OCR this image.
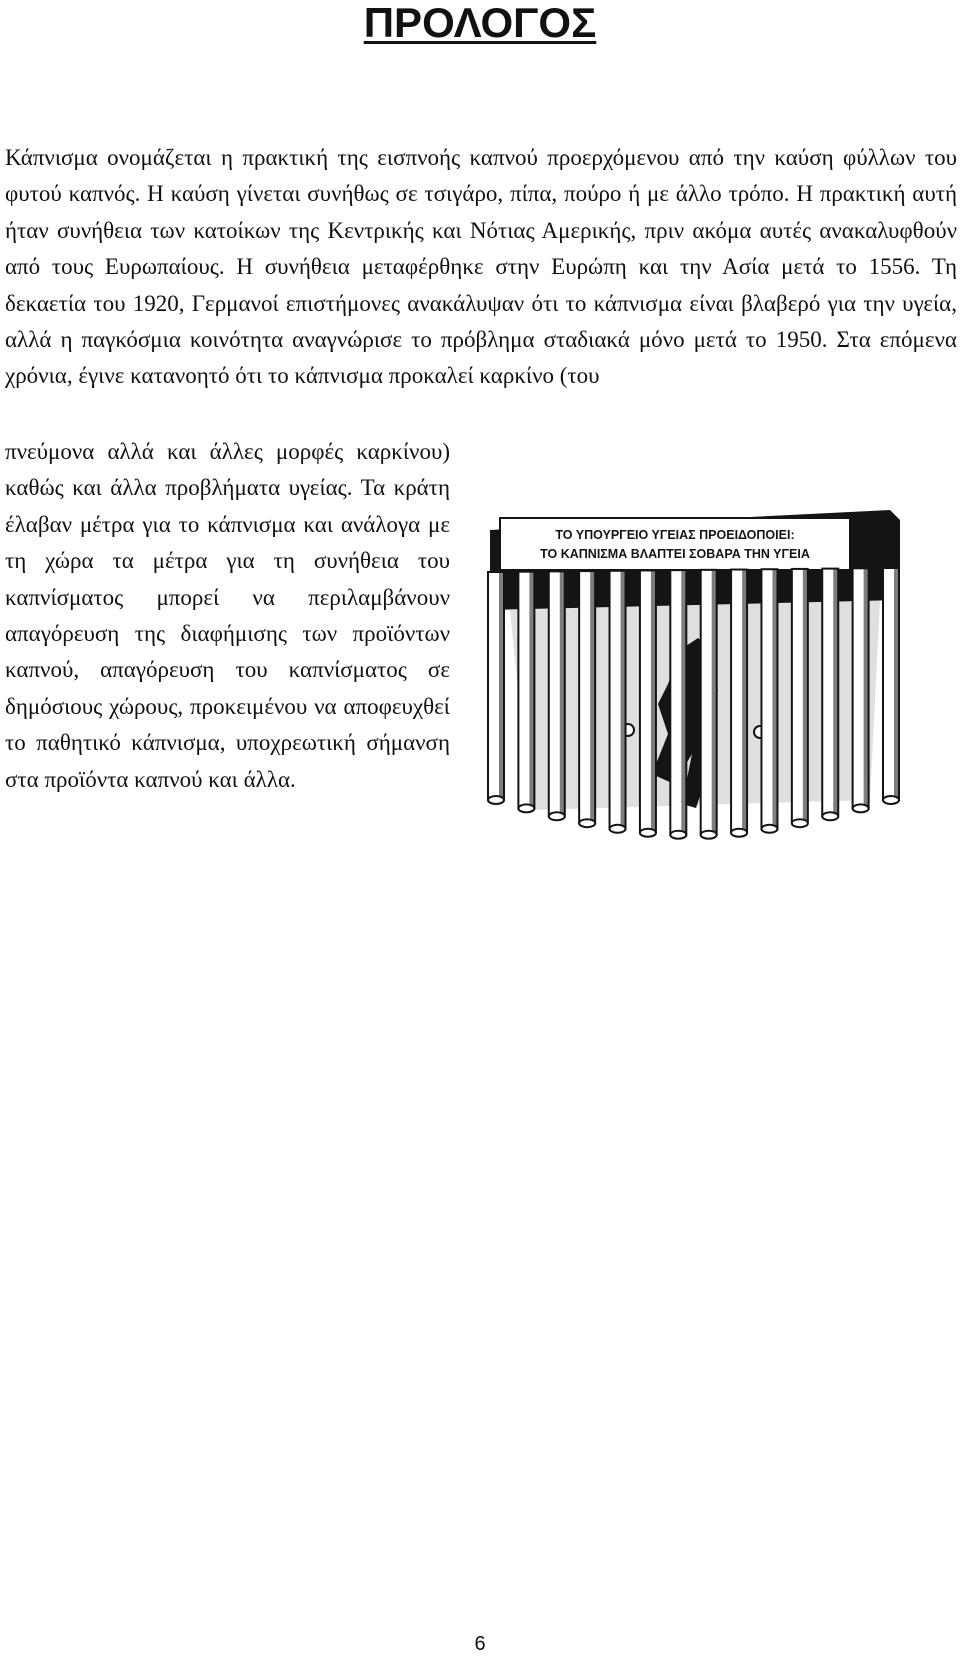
ΠΡΟΛΟΓΟΣ

Κάπνισμα ονομάζεται η πρακτική της εισπνοής καπνού προερχόμενου από την καύση φύλλων του φυτού καπνός. Η καύση γίνεται συνήθως σε τσιγάρο, πίπα, πούρο ή με άλλο τρόπο. Η πρακτική αυτή ήταν συνήθεια των κατοίκων της Κεντρικής και Νότιας Αμερικής, πριν ακόμα αυτές ανακαλυφθούν από τους Ευρωπαίους. Η συνήθεια μεταφέρθηκε στην Ευρώπη και την Ασία μετά το 1556. Τη δεκαετία του 1920, Γερμανοί επιστήμονες ανακάλυψαν ότι το κάπνισμα είναι βλαβερό για την υγεία, αλλά η παγκόσμια κοινότητα αναγνώρισε το πρόβλημα σταδιακά μόνο μετά το 1950. Στα επόμενα χρόνια, έγινε κατανοητό ότι το κάπνισμα προκαλεί καρκίνο (του

πνεύμονα αλλά και άλλες μορφές καρκίνου) καθώς και άλλα προβλήματα υγείας. Τα κράτη έλαβαν μέτρα για το κάπνισμα και ανάλογα με τη χώρα τα μέτρα για τη συνήθεια του καπνίσματος μπορεί να περιλαμβάνουν απαγόρευση της διαφήμισης των προϊόντων καπνού, απαγόρευση του καπνίσματος σε δημόσιους χώρους, προκειμένου να αποφευχθεί το παθητικό κάπνισμα, υποχρεωτική σήμανση στα προϊόντα καπνού και άλλα.

ΤΟ ΥΠΟΥΡΓΕΙΟ ΥΓΕΙΑΣ ΠΡΟΕΙΔΟΠΟΙΕΙ:
ΤΟ ΚΑΠΝΙΣΜΑ ΒΛΑΠΤΕΙ ΣΟΒΑΡΑ ΤΗΝ ΥΓΕΙΑ
6
